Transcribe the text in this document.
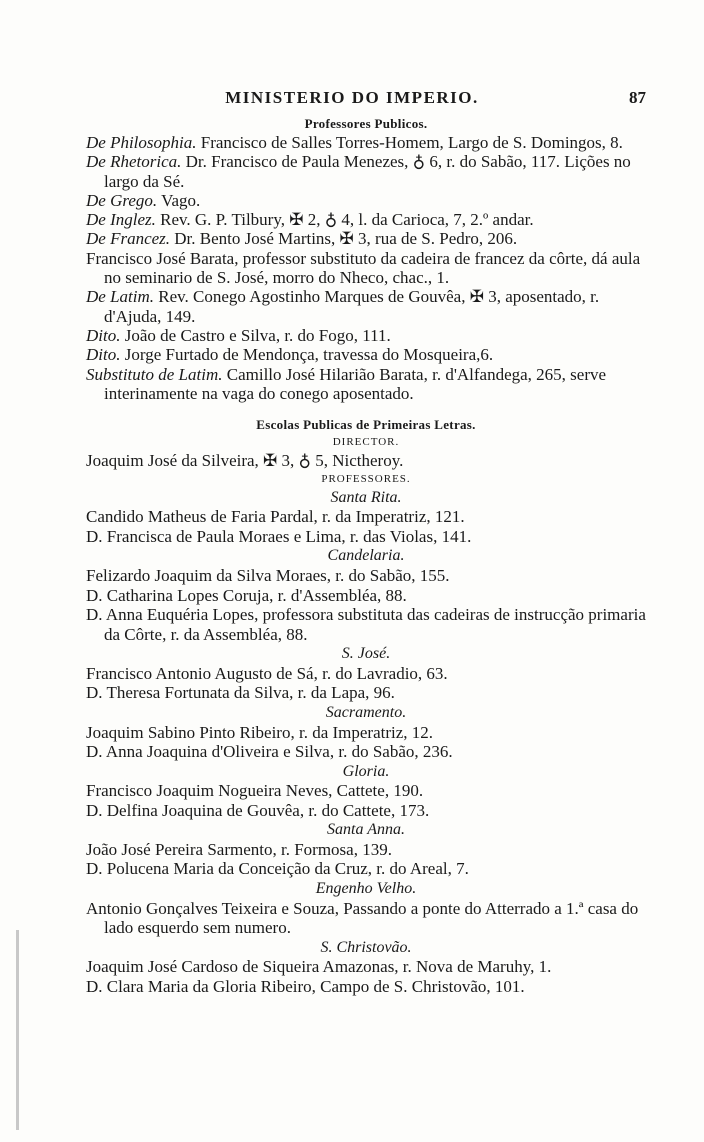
MINISTERIO DO IMPERIO.	87
Professores Publicos.
De Philosophia. Francisco de Salles Torres-Homem, Largo de S. Domingos, 8.
De Rhetorica. Dr. Francisco de Paula Menezes, ♁ 6, r. do Sabão, 117. Lições no largo da Sé.
De Grego. Vago.
De Inglez. Rev. G. P. Tilbury, ✠ 2, ♁ 4, l. da Carioca, 7, 2.º andar.
De Francez. Dr. Bento José Martins, ✠ 3, rua de S. Pedro, 206.
Francisco José Barata, professor substituto da cadeira de francez da côrte, dá aula no seminario de S. José, morro do Nheco, chac., 1.
De Latim. Rev. Conego Agostinho Marques de Gouvêa, ✠ 3, aposentado, r. d'Ajuda, 149.
Dito. João de Castro e Silva, r. do Fogo, 111.
Dito. Jorge Furtado de Mendonça, travessa do Mosqueira,6.
Substituto de Latim. Camillo José Hilarião Barata, r. d'Alfandega, 265, serve interinamente na vaga do conego aposentado.
Escolas Publicas de Primeiras Letras.
DIRECTOR.
Joaquim José da Silveira, ✠ 3, ♁ 5, Nictheroy.
PROFESSORES.
Santa Rita.
Candido Matheus de Faria Pardal, r. da Imperatriz, 121.
D. Francisca de Paula Moraes e Lima, r. das Violas, 141.
Candelaria.
Felizardo Joaquim da Silva Moraes, r. do Sabão, 155.
D. Catharina Lopes Coruja, r. d'Assembléa, 88.
D. Anna Euquéria Lopes, professora substituta das cadeiras de instrucção primaria da Côrte, r. da Assembléa, 88.
S. José.
Francisco Antonio Augusto de Sá, r. do Lavradio, 63.
D. Theresa Fortunata da Silva, r. da Lapa, 96.
Sacramento.
Joaquim Sabino Pinto Ribeiro, r. da Imperatriz, 12.
D. Anna Joaquina d'Oliveira e Silva, r. do Sabão, 236.
Gloria.
Francisco Joaquim Nogueira Neves, Cattete, 190.
D. Delfina Joaquina de Gouvêa, r. do Cattete, 173.
Santa Anna.
João José Pereira Sarmento, r. Formosa, 139.
D. Polucena Maria da Conceição da Cruz, r. do Areal, 7.
Engenho Velho.
Antonio Gonçalves Teixeira e Souza, Passando a ponte do Atterrado a 1.ª casa do lado esquerdo sem numero.
S. Christovão.
Joaquim José Cardoso de Siqueira Amazonas, r. Nova de Maruhy, 1.
D. Clara Maria da Gloria Ribeiro, Campo de S. Christovão, 101.
